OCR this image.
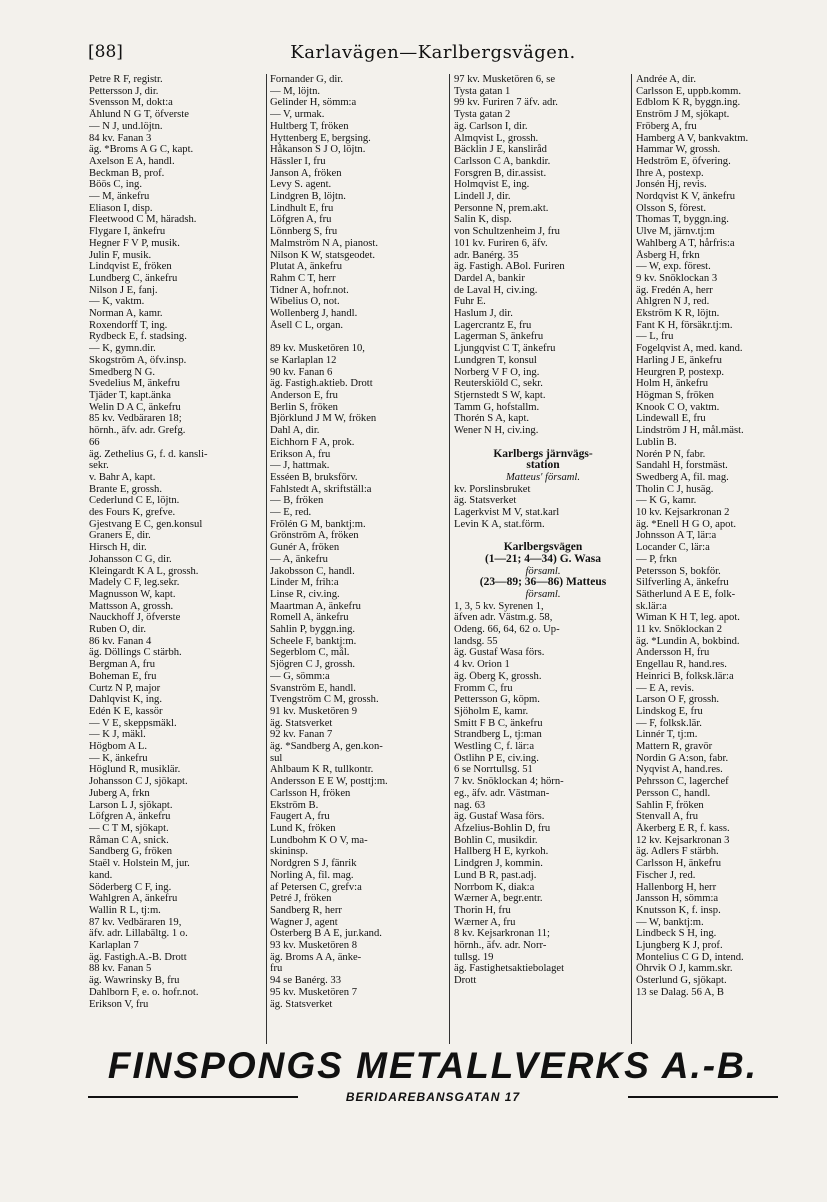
[88]	Karlavägen—Karlbergsvägen.
Petre R F, registr.
Pettersson J, dir.
Svensson M, dokt:a
Åhlund N G T, öfverste
— N J, und.löjtn.
84 kv. Fanan 3
äg. *Broms A G C, kapt.
Axelson E A, handl.
Beckman B, prof.
Böös C, ing.
— M, änkefru
Eliason I, disp.
Fleetwood C M, häradsh.
Flygare I, änkefru
Hegner F V P, musik.
Julin F, musik.
Lindqvist E, fröken
Lundberg C, änkefru
Nilson J E, fanj.
— K, vaktm.
Norman A, kamr.
Roxendorff T, ing.
Rydbeck E, f. stadsing.
— K, gymn.dir.
Skogström A, öfv.insp.
Smedberg N G.
Svedelius M, änkefru
Tjäder T, kapt.änka
Welin D A C, änkefru
85 kv. Vedbäraren 18;
hörnh., äfv. adr. Grefg.
66
äg. Zethelius G, f. d. kansli-
sekr.
v. Bahr A, kapt.
Brante E, grossh.
Cederlund C E, löjtn.
des Fours K, grefve.
Gjestvang E C, gen.konsul
Graners E, dir.
Hirsch H, dir.
Johansson C G, dir.
Kleingardt K A L, grossh.
Madely C F, leg.sekr.
Magnusson W, kapt.
Mattsson A, grossh.
Nauckhoff J, öfverste
Ruben O, dir.
86 kv. Fanan 4
äg. Döllings C stärbh.
Bergman A, fru
Boheman E, fru
Curtz N P, major
Dahlqvist K, ing.
Edén K E, kassör
— V E, skeppsmäkl.
— K J, mäkl.
Högbom A L.
— K, änkefru
Höglund R, musiklär.
Johansson C J, sjökapt.
Juberg A, frkn
Larson L J, sjökapt.
Löfgren A, änkefru
— C T M, sjökapt.
Råman C A, snick.
Sandberg G, fröken
Staël v. Holstein M, jur.
kand.
Söderberg C F, ing.
Wahlgren A, änkefru
Wallin R L, tj:m.
87 kv. Vedbäraren 19,
äfv. adr. Lillabältg. 1 o.
Karlaplan 7
äg. Fastigh.A.-B. Drott
88 kv. Fanan 5
äg. Wawrinsky B, fru
Dahlborn F, e. o. hofr.not.
Erikson V, fru
Fornander G, dir.
— M, löjtn.
Gelinder H, sömm:a
— V, urmak.
Hultberg T, fröken
Hyttenberg E, bergsing.
Håkanson S J O, löjtn.
Hässler I, fru
Janson A, fröken
Levy S. agent.
Lindgren B, löjtn.
Lindhult E, fru
Löfgren A, fru
Lönnberg S, fru
Malmström N A, pianost.
Nilson K W, statsgeodet.
Plutat A, änkefru
Rahm C T, herr
Tidner A, hofr.not.
Wibelius O, not.
Wollenberg J, handl.
Åsell C L, organ.

89 kv. Musketören 10,
se Karlaplan 12
90 kv. Fanan 6
äg. Fastigh.aktieb. Drott
Anderson E, fru
Berlin S, fröken
Björklund J M W, fröken
Dahl A, dir.
Eichhorn F A, prok.
Erikson A, fru
— J, hattmak.
Esséen B, bruksförv.
Fahlstedt A, skriftställ:a
— B, fröken
— E, red.
Frölén G M, banktj:m.
Grönström A, fröken
Gunér A, fröken
— A, änkefru
Jakobsson C, handl.
Linder M, frih:a
Linse R, civ.ing.
Maartman A, änkefru
Romell A, änkefru
Sahlin P, byggn.ing.
Scheele F, banktj:m.
Segerblom C, mål.
Sjögren C J, grossh.
— G, sömm:a
Svanström E, handl.
Tvengström C M, grossh.
91 kv. Musketören 9
äg. Statsverket
92 kv. Fanan 7
äg. *Sandberg A, gen.kon-
sul
Ahlbaum K R, tullkontr.
Andersson E E W, posttj:m.
Carlsson H, fröken
Ekström B.
Faugert A, fru
Lund K, fröken
Lundbohm K O V, ma-
skininsp.
Nordgren S J, fänrik
Norling A, fil. mag.
af Petersen C, grefv:a
Petré J, fröken
Sandberg R, herr
Wagner J, agent
Österberg B A E, jur.kand.
93 kv. Musketören 8
äg. Broms A A, änke-
fru
94 se Banérg. 33
95 kv. Musketören 7
äg. Statsverket
97 kv. Musketören 6, se
Tysta gatan 1
99 kv. Furiren 7 äfv. adr.
Tysta gatan 2
äg. Carlson I, dir.
Almqvist L, grossh.
Bäcklin J E, kansliråd
Carlsson C A, bankdir.
Forsgren B, dir.assist.
Holmqvist E, ing.
Lindell J, dir.
Personne N, prem.akt.
Salin K, disp.
von Schultzenheim J, fru
101 kv. Furiren 6, äfv.
adr. Banérg. 35
äg. Fastigh. ABol. Furiren
Dardel A, bankir
de Laval H, civ.ing.
Fuhr E.
Haslum J, dir.
Lagercrantz E, fru
Lagerman S, änkefru
Ljungqvist C T, änkefru
Lundgren T, konsul
Norberg V F O, ing.
Reuterskiöld C, sekr.
Stjernstedt S W, kapt.
Tamm G, hofstallm.
Thorén S A, kapt.
Wener N H, civ.ing.

Karlbergs järnvägs-
station
Matteus' församl.
kv. Porslinsbruket
äg. Statsverket
Lagerkvist M V, stat.karl
Levin K A, stat.förm.

Karlbergsvägen
(1—21; 4—34) G. Wasa
församl.
(23—89; 36—86) Matteus
församl.
1, 3, 5 kv. Syrenen 1,
äfven adr. Västm.g. 58,
Odeng. 66, 64, 62 o. Up-
landsg. 55
äg. Gustaf Wasa förs.
4 kv. Orion 1
äg. Öberg K, grossh.
Fromm C, fru
Pettersson G, köpm.
Sjöholm E, kamr.
Smitt F B C, änkefru
Strandberg L, tj:man
Westling C, f. lär:a
Östlihn P E, civ.ing.
6 se Norrtullsg. 51
7 kv. Snöklockan 4; hörn-
eg., äfv. adr. Västman-
nag. 63
äg. Gustaf Wasa förs.
Afzelius-Bohlin D, fru
Bohlin C, musikdir.
Hallberg H E, kyrkoh.
Lindgren J, kommin.
Lund B R, past.adj.
Norrbom K, diak:a
Wærner A, begr.entr.
Thorin H, fru
Wærner A, fru
8 kv. Kejsarkronan 11;
hörnh., äfv. adr. Norr-
tullsg. 19
äg. Fastighetsaktiebolaget
Drott
Andrée A, dir.
Carlsson E, uppb.komm.
Edblom K R, byggn.ing.
Enström J M, sjökapt.
Fröberg A, fru
Hamberg A V, bankvaktm.
Hammar W, grossh.
Hedström E, öfvering.
Ihre A, postexp.
Jonsén Hj, revis.
Nordqvist K V, änkefru
Olsson S, förest.
Thomas T, byggn.ing.
Ulve M, järnv.tj:m
Wahlberg A T, hårfris:a
Åsberg H, frkn
— W, exp. förest.
9 kv. Snöklockan 3
äg. Fredén A, herr
Ahlgren N J, red.
Ekström K R, löjtn.
Fant K H, försäkr.tj:m.
— L, fru
Fogelqvist A, med. kand.
Harling J E, änkefru
Heurgren P, postexp.
Holm H, änkefru
Högman S, fröken
Knook C O, vaktm.
Lindewall E, fru
Lindström J H, mål.mäst.
Lublin B.
Norén P N, fabr.
Sandahl H, forstmäst.
Swedberg A, fil. mag.
Tholin C J, husäg.
— K G, kamr.
10 kv. Kejsarkronan 2
äg. *Enell H G O, apot.
Johnsson A T, lär:a
Locander C, lär:a
— P, frkn
Petersson S, bokför.
Silfverling A, änkefru
Sätherlund A E E, folk-
sk.lär:a
Wiman K H T, leg. apot.
11 kv. Snöklockan 2
äg. *Lundin A, bokbind.
Andersson H, fru
Engellau R, hand.res.
Heinrici B, folksk.lär:a
— E A, revis.
Larson O F, grossh.
Lindskog E, fru
— F, folksk.lär.
Linnér T, tj:m.
Mattern R, gravör
Nordin G A:son, fabr.
Nyqvist A, hand.res.
Pehrsson C, lagerchef
Persson C, handl.
Sahlin F, fröken
Stenvall A, fru
Åkerberg E R, f. kass.
12 kv. Kejsarkronan 3
äg. Adlers F stärbh.
Carlsson H, änkefru
Fischer J, red.
Hallenborg H, herr
Jansson H, sömm:a
Knutsson K, f. insp.
— W, banktj:m.
Lindbeck S H, ing.
Ljungberg K J, prof.
Montelius C G D, intend.
Öhrvik O J, kamm.skr.
Österlund G, sjökapt.
13 se Dalag. 56 A, B
FINSPONGS METALLVERKS A.-B.
BERIDAREBANSGATAN 17
